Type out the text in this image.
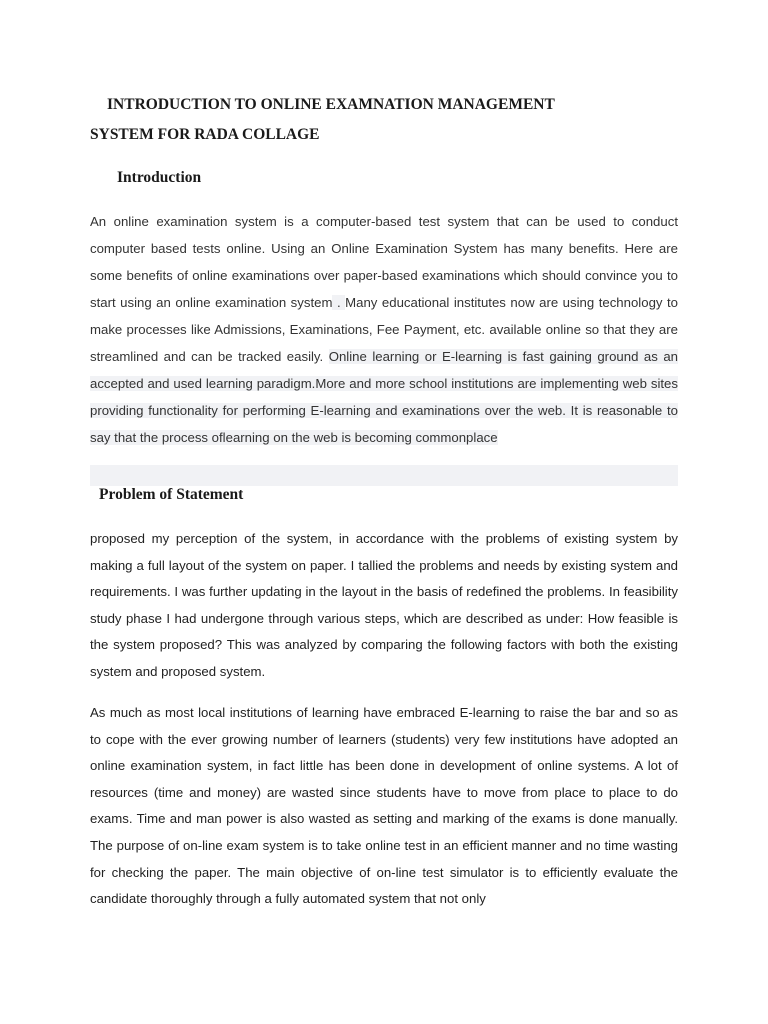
INTRODUCTION TO ONLINE EXAMNATION MANAGEMENT
SYSTEM FOR RADA COLLAGE
Introduction

An online examination system is a computer-based test system that can be used to conduct computer based tests online. Using an Online Examination System has many benefits. Here are some benefits of online examinations over paper-based examinations which should convince you to start using an online examination system . Many educational institutes now are using technology to make processes like Admissions, Examinations, Fee Payment, etc. available online so that they are streamlined and can be tracked easily. Online learning or E-learning is fast gaining ground as an accepted and used learning paradigm.More and more school institutions are implementing web sites providing functionality for performing E-learning and examinations over the web. It is reasonable to say that the process oflearning on the web is becoming commonplace

Problem of Statement

proposed my perception of the system, in accordance with the problems of existing system by making a full layout of the system on paper. I tallied the problems and needs by existing system and requirements. I was further updating in the layout in the basis of redefined the problems. In feasibility study phase I had undergone through various steps, which are described as under: How feasible is the system proposed? This was analyzed by comparing the following factors with both the existing system and proposed system.

As much as most local institutions of learning have embraced E-learning to raise the bar and so as to cope with the ever growing number of learners (students) very few institutions have adopted an online examination system, in fact little has been done in development of online systems. A lot of resources (time and money) are wasted since students have to move from place to place to do exams. Time and man power is also wasted as setting and marking of the exams is done manually. The purpose of on-line exam system is to take online test in an efficient manner and no time wasting for checking the paper. The main objective of on-line test simulator is to efficiently evaluate the candidate thoroughly through a fully automated system that not only
